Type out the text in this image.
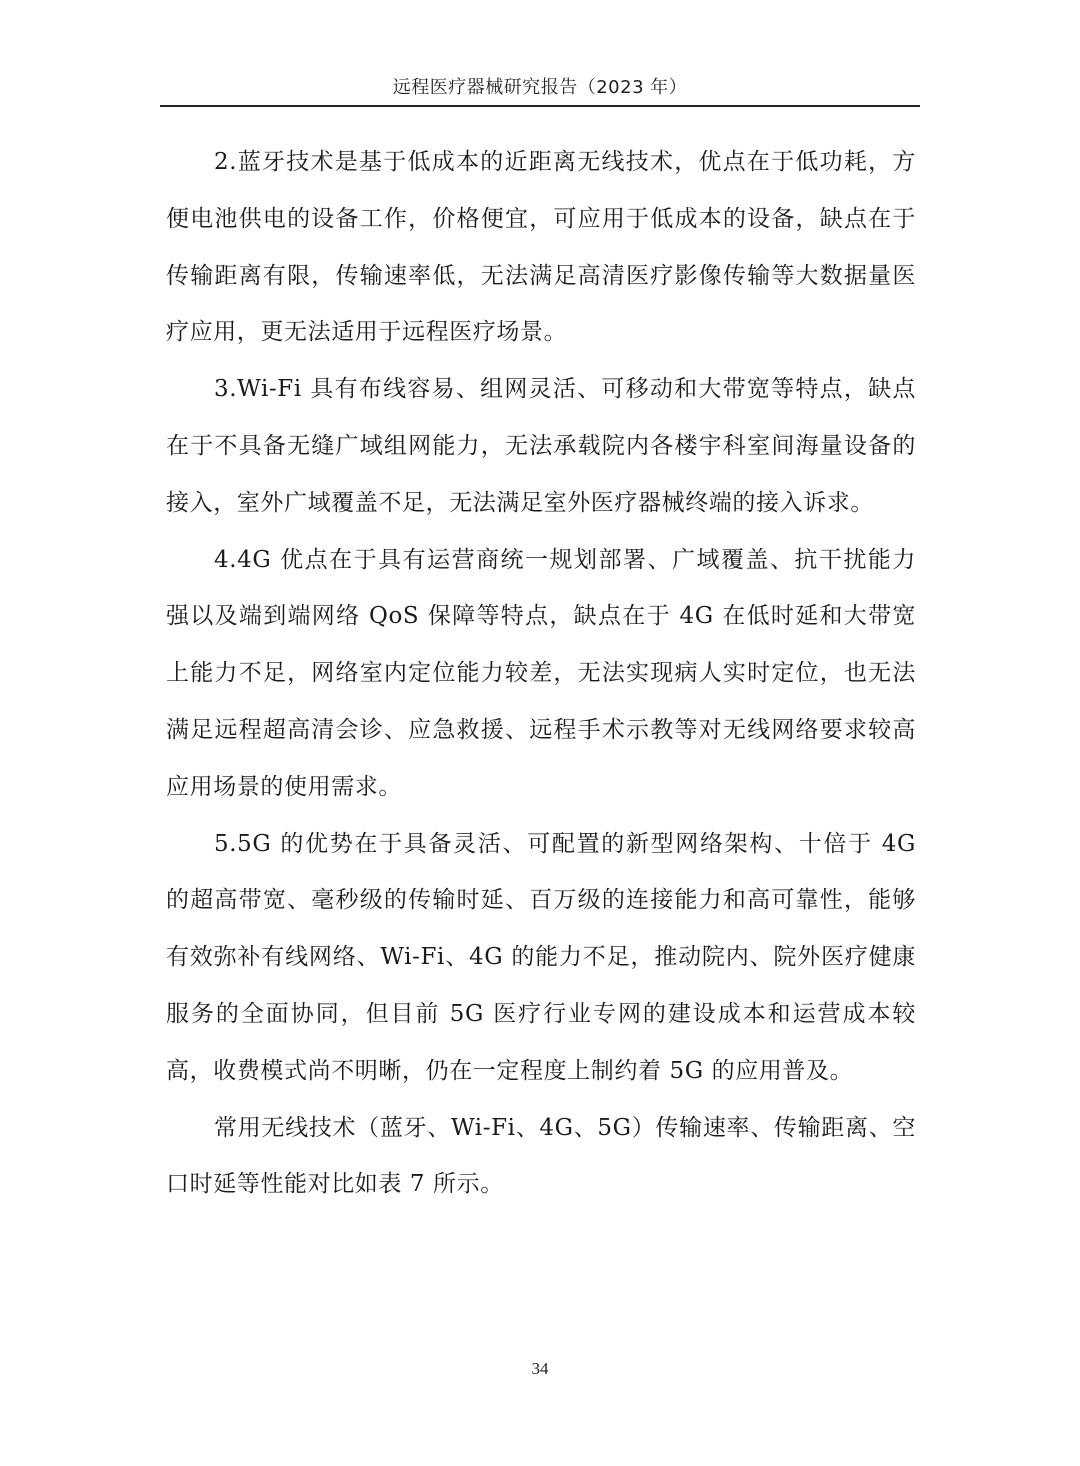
远程医疗器械研究报告（2023 年）

2.蓝牙技术是基于低成本的近距离无线技术，优点在于低功耗，方便电池供电的设备工作，价格便宜，可应用于低成本的设备，缺点在于传输距离有限，传输速率低，无法满足高清医疗影像传输等大数据量医疗应用，更无法适用于远程医疗场景。

3.Wi-Fi 具有布线容易、组网灵活、可移动和大带宽等特点，缺点在于不具备无缝广域组网能力，无法承载院内各楼宇科室间海量设备的接入，室外广域覆盖不足，无法满足室外医疗器械终端的接入诉求。

4.4G 优点在于具有运营商统一规划部署、广域覆盖、抗干扰能力强以及端到端网络 QoS 保障等特点，缺点在于 4G 在低时延和大带宽上能力不足，网络室内定位能力较差，无法实现病人实时定位，也无法满足远程超高清会诊、应急救援、远程手术示教等对无线网络要求较高应用场景的使用需求。

5.5G 的优势在于具备灵活、可配置的新型网络架构、十倍于 4G 的超高带宽、毫秒级的传输时延、百万级的连接能力和高可靠性，能够有效弥补有线网络、Wi-Fi、4G 的能力不足，推动院内、院外医疗健康服务的全面协同，但目前 5G 医疗行业专网的建设成本和运营成本较高，收费模式尚不明晰，仍在一定程度上制约着 5G 的应用普及。

常用无线技术（蓝牙、Wi-Fi、4G、5G）传输速率、传输距离、空口时延等性能对比如表 7 所示。

34
